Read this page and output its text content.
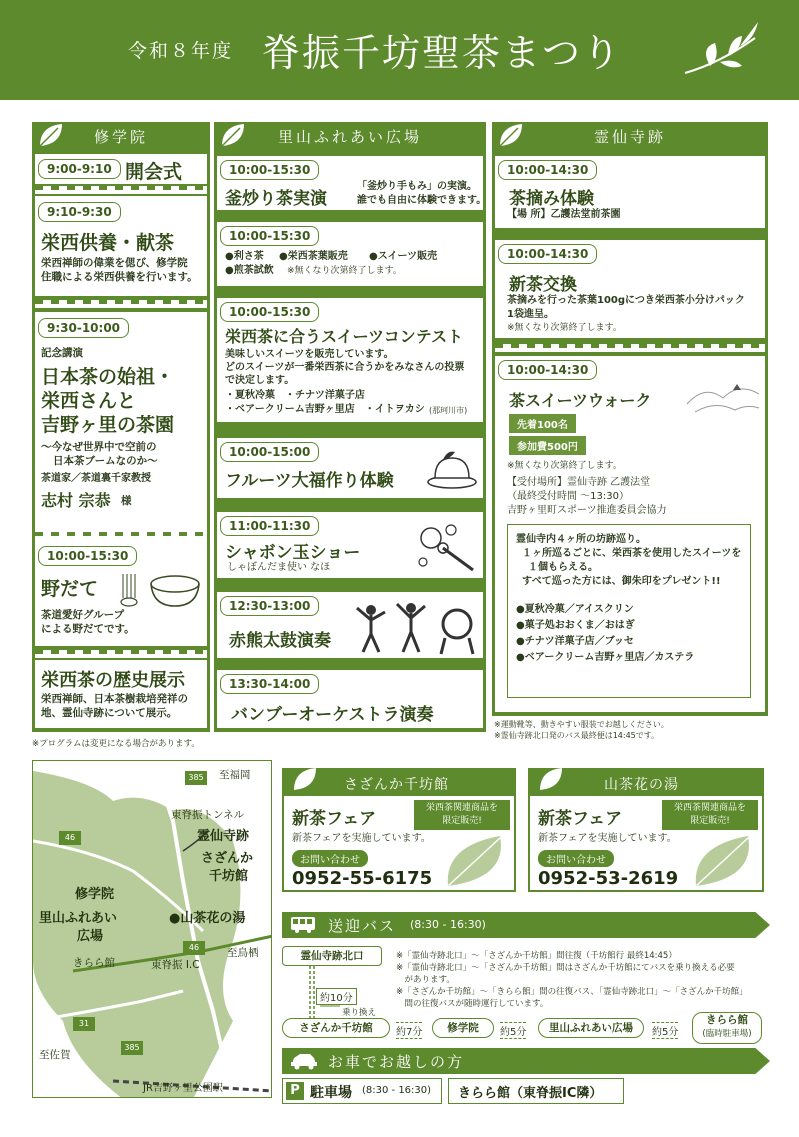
令和８年度 脊振千坊聖茶まつり
修学院
9:00-9:10 開会式
9:10-9:30
栄西供養・献茶
栄西禅師の偉業を偲び、修学院
住職による栄西供養を行います。
9:30-10:00
記念講演
日本茶の始祖・
栄西さんと
吉野ヶ里の茶園
～今なぜ世界中で空前の
日本茶ブームなのか～
茶道家／茶道裏千家教授
志村 宗恭 様
10:00-15:30
野だて
茶道愛好グループ
による野だてです。
栄西茶の歴史展示
栄西禅師、日本茶樹栽培発祥の
地、霊仙寺跡について展示。
里山ふれあい広場
10:00-15:30
釜炒り茶実演
「釜炒り手もみ」の実演。
誰でも自由に体験できます。
10:00-15:30
●利さ茶 ●栄西茶葉販売 ●スイーツ販売
●煎茶試飲 ※無くなり次第終了します。
10:00-15:30
栄西茶に合うスイーツコンテスト
美味しいスイーツを販売しています。
どのスイーツが一番栄西茶に合うかをみなさんの投票
で決定します。
・夏秋冷菓　・チナツ洋菓子店
・ベアークリーム吉野ヶ里店　・イトヲカシ (那珂川市)
10:00-15:00
フルーツ大福作り体験
11:00-11:30
シャボン玉ショー
しゃぼんだま使い なほ
12:30-13:00
赤熊太鼓演奏
13:30-14:00
バンブーオーケストラ演奏
霊仙寺跡
10:00-14:30
茶摘み体験
【場 所】乙護法堂前茶園
10:00-14:30
新茶交換
茶摘みを行った茶葉100gにつき栄西茶小分けパック
1袋進呈。
※無くなり次第終了します。
10:00-14:30
茶スイーツウォーク
先着100名
参加費500円
※無くなり次第終了します。
【受付場所】霊仙寺跡 乙護法堂
（最終受付時間 ～13:30）
吉野ヶ里町スポーツ推進委員会協力
霊仙寺内４ヶ所の坊跡巡り。
１ヶ所巡るごとに、栄西茶を使用したスイーツを
１個もらえる。
すべて巡った方には、御朱印をプレゼント!!
●夏秋冷菓／アイスクリン
●菓子処おおくま／おはぎ
●チナツ洋菓子店／ブッセ
●ベアークリーム吉野ヶ里店／カステラ
※運動靴等、動きやすい服装でお越しください。
※霊仙寺跡北口発のバス最終便は14:45です。
※プログラムは変更になる場合があります。
至福岡
385
東脊振トンネル
霊仙寺跡
さざんか
千坊館
46
修学院
里山ふれあい
広場
●山茶花の湯
46	至鳥栖
きらら館	東脊振 I.C
31
385
至佐賀
JR吉野ヶ里公園駅
さざんか千坊館
新茶フェア
栄西茶関連商品を
限定販売!
新茶フェアを実施しています。
お問い合わせ
0952-55-6175
山茶花の湯
新茶フェア
栄西茶関連商品を
限定販売!
新茶フェアを実施しています。
お問い合わせ
0952-53-2619
送迎バス (8:30 - 16:30)
霊仙寺跡北口	※「霊仙寺跡北口」～「さざんか千坊館」間往復（千坊館行 最終14:45）
※「霊仙寺跡北口」～「さざんか千坊館」間はさざんか千坊館にてバスを乗り換える必要
　があります。
※「さざんか千坊館」～「きらら館」間の往復バス、「霊仙寺跡北口」～「さざんか千坊館」
　間の往復バスが随時運行しています。
約10分
乗り換え
さざんか千坊館	約7分	修学院	約5分	里山ふれあい広場	約5分
きらら館
(臨時駐車場)
お車でお越しの方
P 駐車場 (8:30 - 16:30) きらら館（東脊振IC隣）
